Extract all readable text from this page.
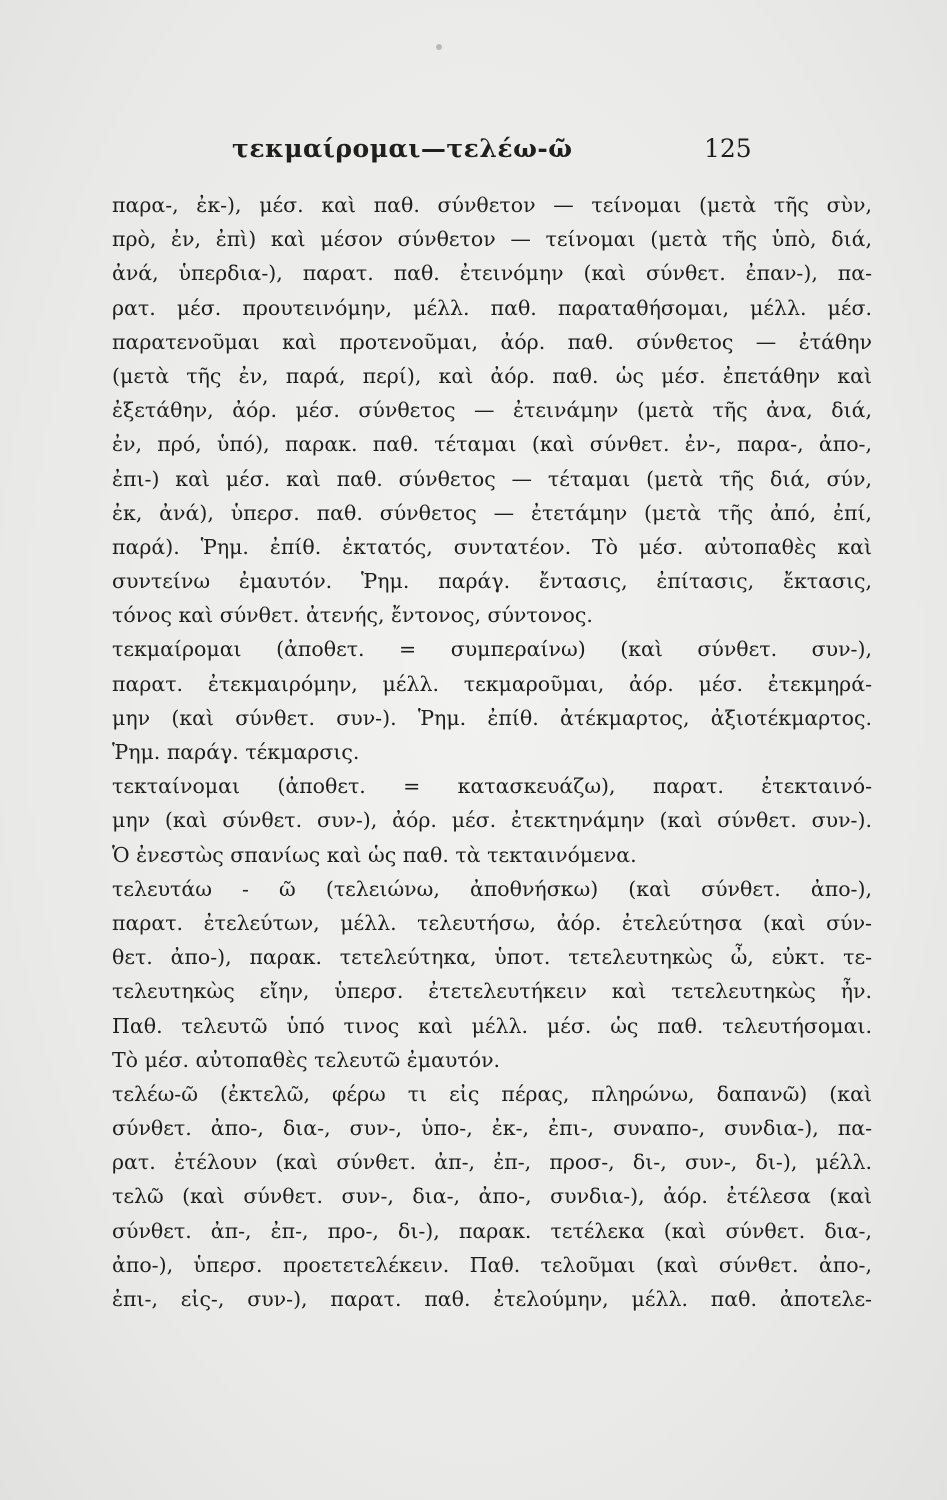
τεκμαίρομαι—τελέω-ῶ	125
παρα-, ἐκ-), μέσ. καὶ παθ. σύνθετον — τείνομαι (μετὰ τῆς σὺν,
πρὸ, ἐν, ἐπὶ) καὶ μέσον σύνθετον — τείνομαι (μετὰ τῆς ὑπὸ, διά,
ἀνά, ὑπερδια-), παρατ. παθ. ἐτεινόμην (καὶ σύνθετ. ἐπαν-), πα-
ρατ. μέσ. προυτεινόμην, μέλλ. παθ. παραταθήσομαι, μέλλ. μέσ.
παρατενοῦμαι καὶ προτενοῦμαι, ἀόρ. παθ. σύνθετος — ἐτάθην
(μετὰ τῆς ἐν, παρά, περί), καὶ ἀόρ. παθ. ὡς μέσ. ἐπετάθην καὶ
ἐξετάθην, ἀόρ. μέσ. σύνθετος — ἐτεινάμην (μετὰ τῆς ἀνα, διά,
ἐν, πρό, ὑπό), παρακ. παθ. τέταμαι (καὶ σύνθετ. ἐν-, παρα-, ἀπο-,
ἐπι-) καὶ μέσ. καὶ παθ. σύνθετος — τέταμαι (μετὰ τῆς διά, σύν,
ἐκ, ἀνά), ὑπερσ. παθ. σύνθετος — ἐτετάμην (μετὰ τῆς ἀπό, ἐπί,
παρά). Ῥημ. ἐπίθ. ἐκτατός, συντατέον. Τὸ μέσ. αὐτοπαθὲς καὶ
συντείνω ἐμαυτόν. Ῥημ. παράγ. ἔντασις, ἐπίτασις, ἔκτασις,
τόνος καὶ σύνθετ. ἀτενής, ἔντονος, σύντονος.
τεκμαίρομαι (ἀποθετ. = συμπεραίνω) (καὶ σύνθετ. συν-),
παρατ. ἐτεκμαιρόμην, μέλλ. τεκμαροῦμαι, ἀόρ. μέσ. ἐτεκμηρά-
μην (καὶ σύνθετ. συν-). Ῥημ. ἐπίθ. ἀτέκμαρτος, ἀξιοτέκμαρτος.
Ῥημ. παράγ. τέκμαρσις.
τεκταίνομαι (ἀποθετ. = κατασκευάζω), παρατ. ἐτεκταινό-
μην (καὶ σύνθετ. συν-), ἀόρ. μέσ. ἐτεκτηνάμην (καὶ σύνθετ. συν-).
Ὁ ἐνεστὼς σπανίως καὶ ὡς παθ. τὰ τεκταινόμενα.
τελευτάω - ῶ (τελειώνω, ἀποθνήσκω) (καὶ σύνθετ. ἀπο-),
παρατ. ἐτελεύτων, μέλλ. τελευτήσω, ἀόρ. ἐτελεύτησα (καὶ σύν-
θετ. ἀπο-), παρακ. τετελεύτηκα, ὑποτ. τετελευτηκὼς ὦ, εὐκτ. τε-
τελευτηκὼς εἴην, ὑπερσ. ἐτετελευτήκειν καὶ τετελευτηκὼς ἦν.
Παθ. τελευτῶ ὑπό τινος καὶ μέλλ. μέσ. ὡς παθ. τελευτήσομαι.
Τὸ μέσ. αὐτοπαθὲς τελευτῶ ἐμαυτόν.
τελέω-ῶ (ἐκτελῶ, φέρω τι εἰς πέρας, πληρώνω, δαπανῶ) (καὶ
σύνθετ. ἀπο-, δια-, συν-, ὑπο-, ἐκ-, ἐπι-, συναπο-, συνδια-), πα-
ρατ. ἐτέλουν (καὶ σύνθετ. ἀπ-, ἐπ-, προσ-, δι-, συν-, δι-), μέλλ.
τελῶ (καὶ σύνθετ. συν-, δια-, ἀπο-, συνδια-), ἀόρ. ἐτέλεσα (καὶ
σύνθετ. ἀπ-, ἐπ-, προ-, δι-), παρακ. τετέλεκα (καὶ σύνθετ. δια-,
ἀπο-), ὑπερσ. προετετελέκειν. Παθ. τελοῦμαι (καὶ σύνθετ. ἀπο-,
ἐπι-, εἰς-, συν-), παρατ. παθ. ἐτελούμην, μέλλ. παθ. ἀποτελε-
